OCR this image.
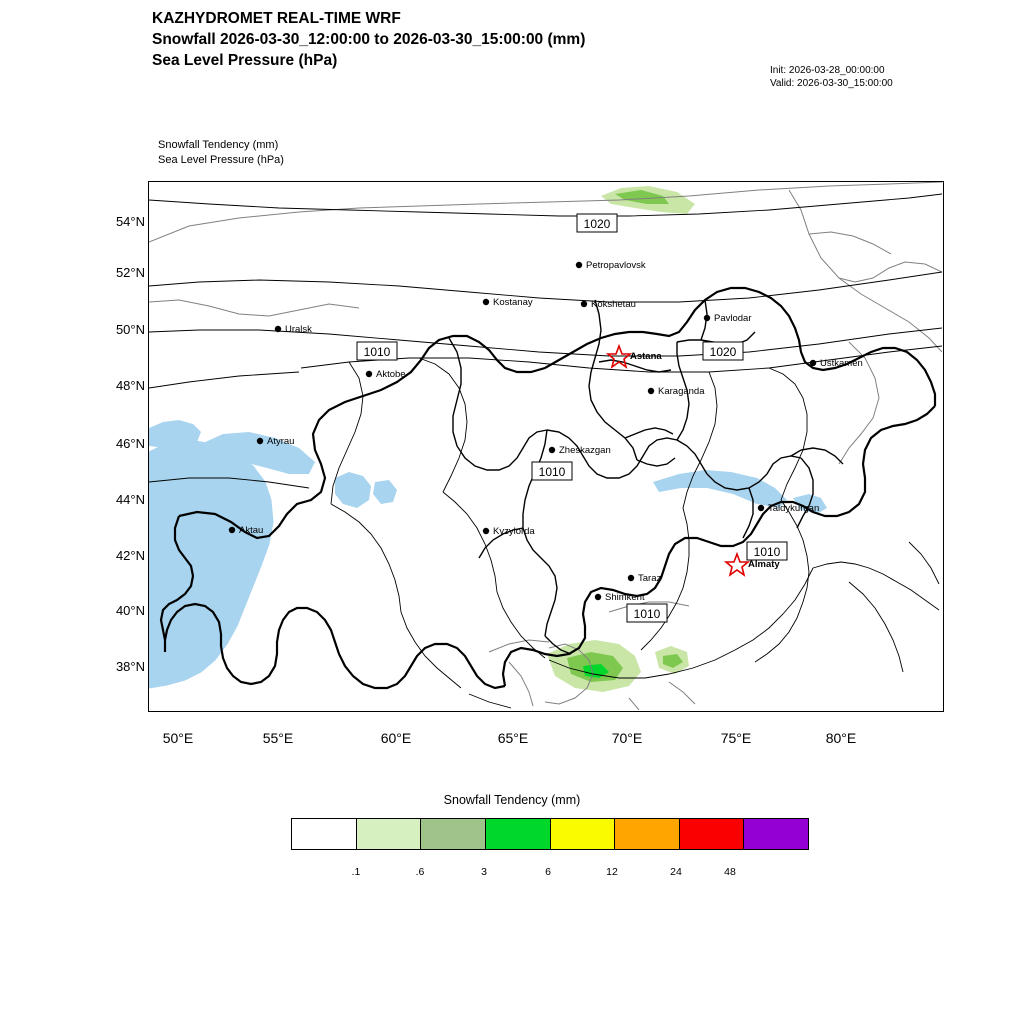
KAZHYDROMET REAL-TIME WRF
Snowfall 2026-03-30_12:00:00 to 2026-03-30_15:00:00 (mm)
Sea Level Pressure (hPa)
Init: 2026-03-28_00:00:00
Valid: 2026-03-30_15:00:00
Snowfall Tendency (mm)
Sea Level Pressure (hPa)
54°N
52°N
50°N
48°N
46°N
44°N
42°N
40°N
38°N
50°E	55°E	60°E	65°E	70°E	75°E	80°E
1020
1010	1020
1010
1010
1010
Petropavlovsk
Kostanay	Kokshetau
Pavlodar
Uralsk
Ustkamen
Astana
Aktobe
Karaganda
Atyrau
Zheskazgan
Taldykurgan
Aktau	Kyzylorda
Almaty
Taraz
Shimkent
Snowfall Tendency (mm)
.1	.6	3	6	12	24	48
